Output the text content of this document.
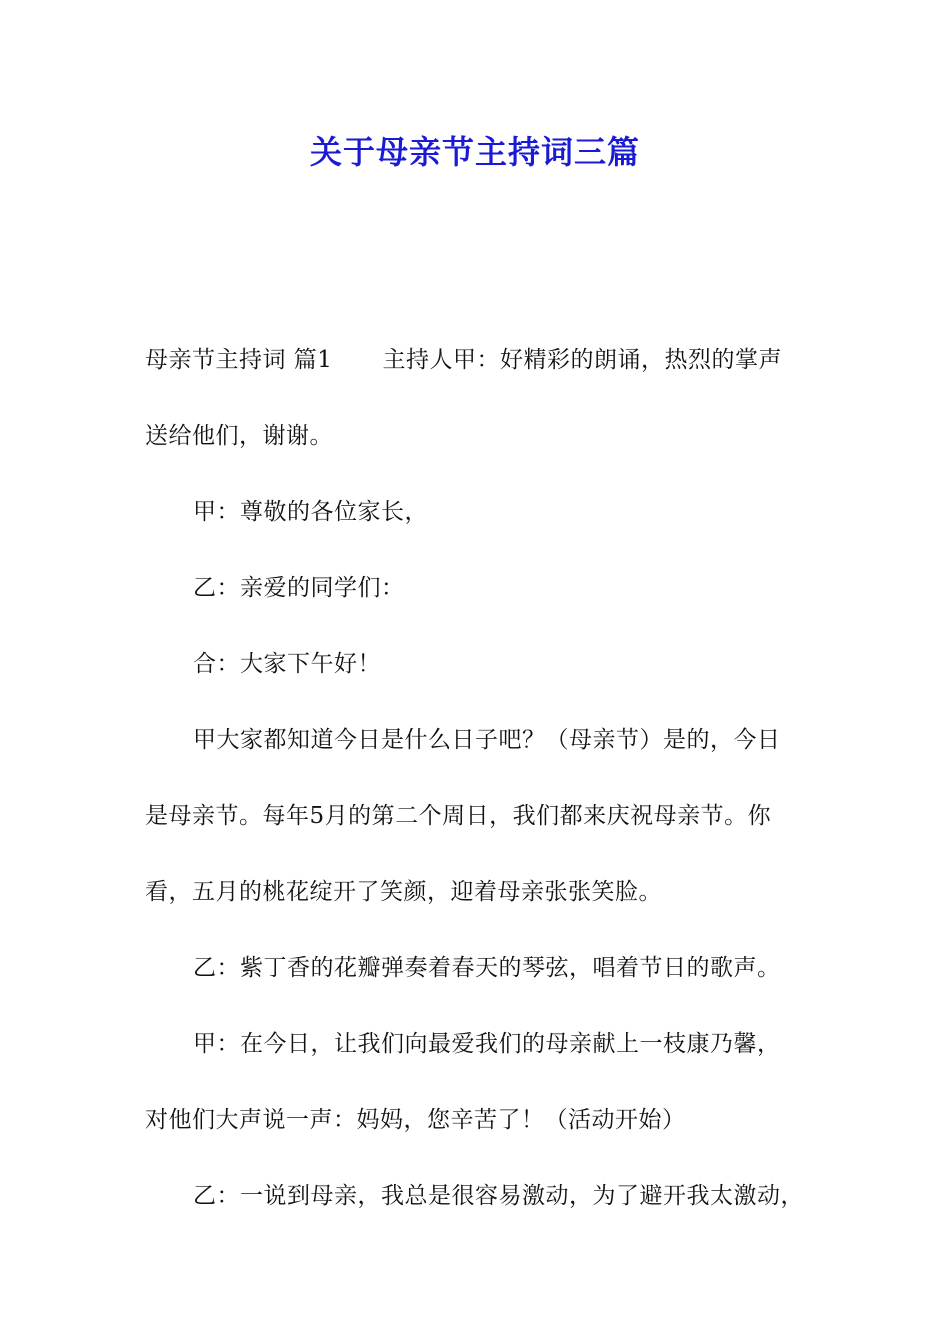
关于母亲节主持词三篇
母亲节主持词 篇1 主持人甲：好精彩的朗诵，热烈的掌声
送给他们，谢谢。
甲：尊敬的各位家长，
乙：亲爱的同学们：
合：大家下午好！
甲大家都知道今日是什么日子吧？（母亲节）是的，今日
是母亲节。每年5月的第二个周日，我们都来庆祝母亲节。你
看，五月的桃花绽开了笑颜，迎着母亲张张笑脸。
乙：紫丁香的花瓣弹奏着春天的琴弦，唱着节日的歌声。
甲：在今日，让我们向最爱我们的母亲献上一枝康乃馨，
对他们大声说一声：妈妈，您辛苦了！（活动开始）
乙：一说到母亲，我总是很容易激动，为了避开我太激动，
